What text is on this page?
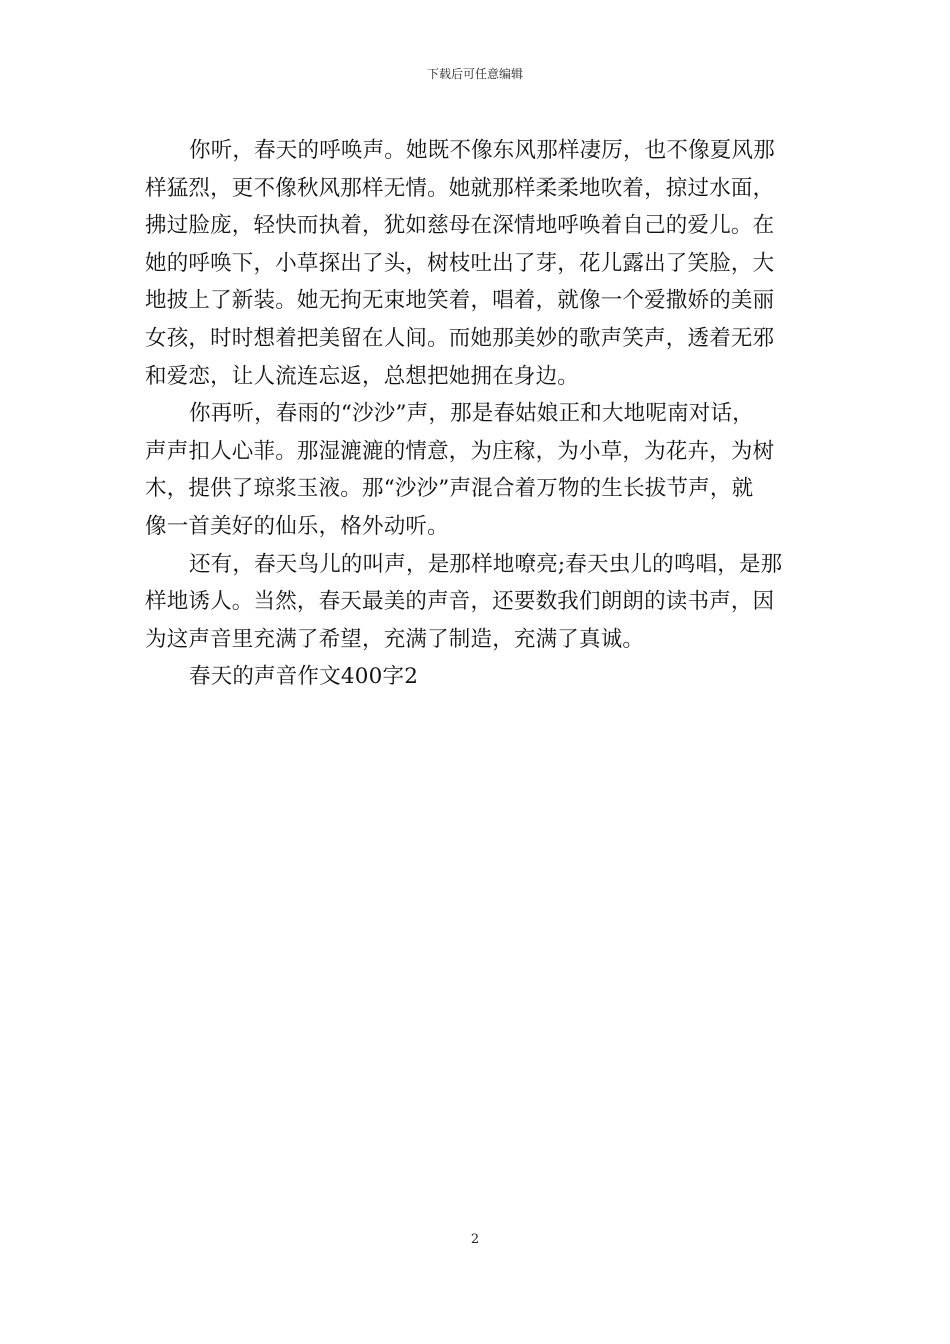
下载后可任意编辑
你听，春天的呼唤声。她既不像东风那样凄厉，也不像夏风那
样猛烈，更不像秋风那样无情。她就那样柔柔地吹着，掠过水面，
拂过脸庞，轻快而执着，犹如慈母在深情地呼唤着自己的爱儿。在
她的呼唤下，小草探出了头，树枝吐出了芽，花儿露出了笑脸，大
地披上了新装。她无拘无束地笑着，唱着，就像一个爱撒娇的美丽
女孩，时时想着把美留在人间。而她那美妙的歌声笑声，透着无邪
和爱恋，让人流连忘返，总想把她拥在身边。
你再听，春雨的“沙沙”声，那是春姑娘正和大地呢南对话，
声声扣人心菲。那湿漉漉的情意，为庄稼，为小草，为花卉，为树
木，提供了琼浆玉液。那“沙沙”声混合着万物的生长拔节声，就
像一首美好的仙乐，格外动听。
还有，春天鸟儿的叫声，是那样地嘹亮;春天虫儿的鸣唱，是那
样地诱人。当然，春天最美的声音，还要数我们朗朗的读书声，因
为这声音里充满了希望，充满了制造，充满了真诚。
春天的声音作文400字2
2
